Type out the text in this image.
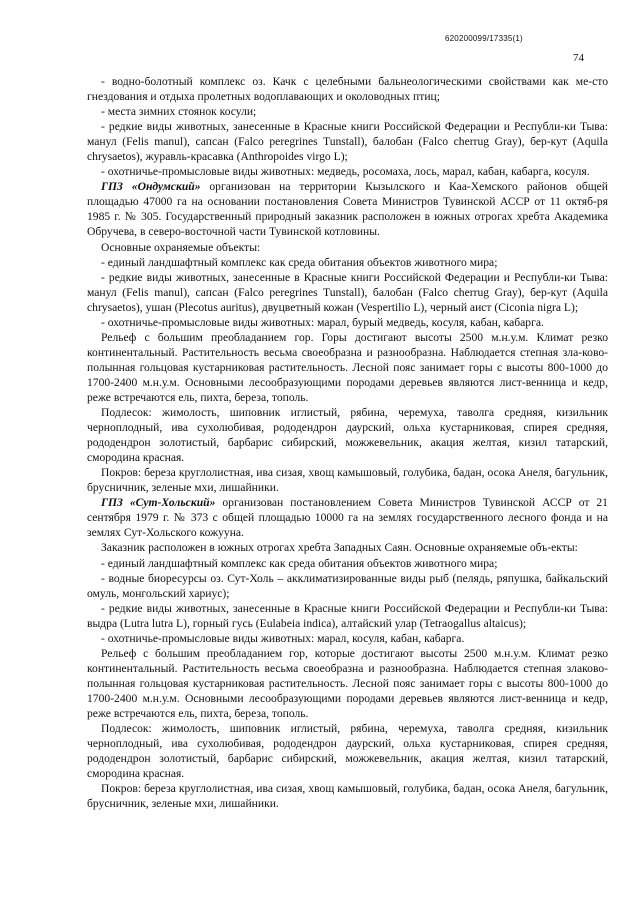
620200099/17335(1)
74

- водно-болотный комплекс оз. Качк с целебными бальнеологическими свойствами как ме-сто гнездования и отдыха пролетных водоплавающих и околоводных птиц;

- места зимних стоянок косули;

- редкие виды животных, занесенные в Красные книги Российской Федерации и Республи-ки Тыва: манул (Felis manul), сапсан (Falco peregrines Tunstall), балобан (Falco cherrug Gray), бер-кут (Aquila chrysaetos), журавль-красавка (Anthropoides virgo L);

- охотничье-промысловые виды животных: медведь, росомаха, лось, марал, кабан, кабарга, косуля.

ГПЗ «Ондумский» организован на территории Кызылского и Каа-Хемского районов общей площадью 47000 га на основании постановления Совета Министров Тувинской АССР от 11 октяб-ря 1985 г. № 305. Государственный природный заказник расположен в южных отрогах хребта Академика Обручева, в северо-восточной части Тувинской котловины.

Основные охраняемые объекты:

- единый ландшафтный комплекс как среда обитания объектов животного мира;

- редкие виды животных, занесенные в Красные книги Российской Федерации и Республи-ки Тыва: манул (Felis manul), сапсан (Falco peregrines Tunstall), балобан (Falco cherrug Gray), бер-кут (Aquila chrysaetos), ушан (Plecotus auritus), двуцветный кожан (Vespertilio L), черный аист (Ciconia nigra L);

- охотничье-промысловые виды животных: марал, бурый медведь, косуля, кабан, кабарга.

Рельеф с большим преобладанием гор. Горы достигают высоты 2500 м.н.у.м. Климат резко континентальный. Растительность весьма своеобразна и разнообразна. Наблюдается степная зла-ково-полынная гольцовая кустарниковая растительность. Лесной пояс занимает горы с высоты 800-1000 до 1700-2400 м.н.у.м. Основными лесообразующими породами деревьев являются лист-венница и кедр, реже встречаются ель, пихта, береза, тополь.

Подлесок: жимолость, шиповник иглистый, рябина, черемуха, таволга средняя, кизильник черноплодный, ива сухолюбивая, рододендрон даурский, ольха кустарниковая, спирея средняя, рододендрон золотистый, барбарис сибирский, можжевельник, акация желтая, кизил татарский, смородина красная.

Покров: береза круглолистная, ива сизая, хвощ камышовый, голубика, бадан, осока Анеля, багульник, брусничник, зеленые мхи, лишайники.

ГПЗ «Сут-Хольский» организован постановлением Совета Министров Тувинской АССР от 21 сентября 1979 г. № 373 с общей площадью 10000 га на землях государственного лесного фонда и на землях Сут-Хольского кожууна.

Заказник расположен в южных отрогах хребта Западных Саян. Основные охраняемые объ-екты:

- единый ландшафтный комплекс как среда обитания объектов животного мира;

- водные биоресурсы оз. Сут-Холь – акклиматизированные виды рыб (пелядь, ряпушка, байкальский омуль, монгольский хариус);

- редкие виды животных, занесенные в Красные книги Российской Федерации и Республи-ки Тыва: выдра (Lutra lutra L), горный гусь (Eulabeia indica), алтайский улар (Tetraogallus altaicus);

- охотничье-промысловые виды животных: марал, косуля, кабан, кабарга.

Рельеф с большим преобладанием гор, которые достигают высоты 2500 м.н.у.м. Климат резко континентальный. Растительность весьма своеобразна и разнообразна. Наблюдается степная злаково-полынная гольцовая кустарниковая растительность. Лесной пояс занимает горы с высоты 800-1000 до 1700-2400 м.н.у.м. Основными лесообразующими породами деревьев являются лист-венница и кедр, реже встречаются ель, пихта, береза, тополь.

Подлесок: жимолость, шиповник иглистый, рябина, черемуха, таволга средняя, кизильник черноплодный, ива сухолюбивая, рододендрон даурский, ольха кустарниковая, спирея средняя, рододендрон золотистый, барбарис сибирский, можжевельник, акация желтая, кизил татарский, смородина красная.

Покров: береза круглолистная, ива сизая, хвощ камышовый, голубика, бадан, осока Анеля, багульник, брусничник, зеленые мхи, лишайники.
